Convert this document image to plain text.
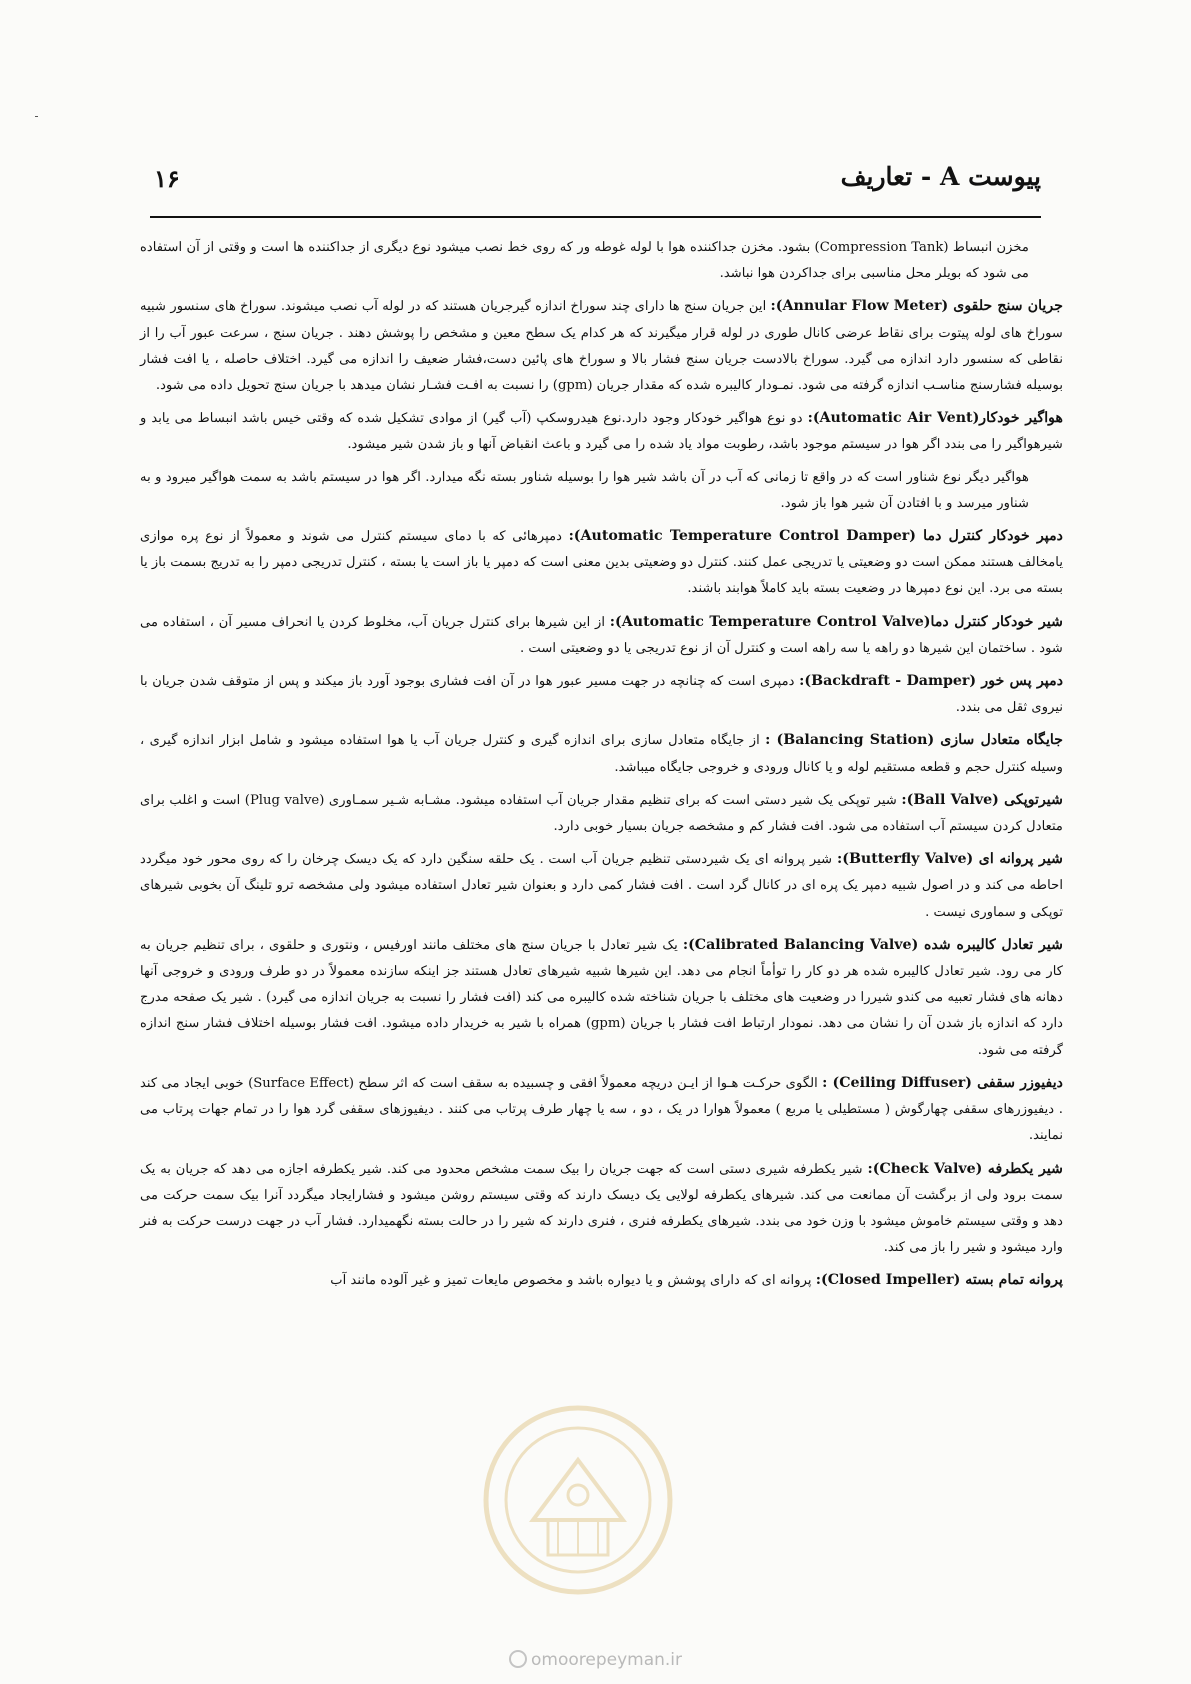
پیوست A - تعاریف
۱۶

مخزن انبساط (Compression Tank) بشود. مخزن جداکننده هوا با لوله غوطه ور که روی خط نصب میشود نوع دیگری از جداکننده ها است و وقتی از آن استفاده می شود که بویلر محل مناسبی برای جداکردن هوا نباشد.

جریان سنج حلقوی (Annular Flow Meter): این جریان سنج ها دارای چند سوراخ اندازه گیرجریان هستند که در لوله آب نصب میشوند. سوراخ های سنسور شبیه سوراخ های لوله پیتوت برای نقاط عرضی کانال طوری در لوله قرار میگیرند که هر کدام یک سطح معین و مشخص را پوشش دهند . جریان سنج ، سرعت عبور آب را از نقاطی که سنسور دارد اندازه می گیرد. سوراخ بالادست جریان سنج فشار بالا و سوراخ های پائین دست،فشار ضعیف را اندازه می گیرد. اختلاف حاصله ، یا افت فشار بوسیله فشارسنج مناسـب اندازه گرفته می شود. نمـودار کالیبره شده که مقدار جریان (gpm) را نسبت به افـت فشـار نشان میدهد با جریان سنج تحویل داده می شود.

هواگیر خودکار(Automatic Air Vent): دو نوع هواگیر خودکار وجود دارد.نوع هیدروسکپ (آب گیر) از موادی تشکیل شده که وقتی خیس باشد انبساط می یابد و شیرهواگیر را می بندد اگر هوا در سیستم موجود باشد، رطوبت مواد یاد شده را می گیرد و باعث انقباض آنها و باز شدن شیر میشود.

هواگیر دیگر نوع شناور است که در واقع تا زمانی که آب در آن باشد شیر هوا را بوسیله شناور بسته نگه میدارد. اگر هوا در سیستم باشد به سمت هواگیر میرود و به شناور میرسد و با افتادن آن شیر هوا باز شود.

دمپر خودکار کنترل دما (Automatic Temperature Control Damper): دمپرهائی که با دمای سیستم کنترل می شوند و معمولاً از نوع پره موازی یامخالف هستند ممکن است دو وضعیتی یا تدریجی عمل کنند. کنترل دو وضعیتی بدین معنی است که دمپر یا باز است یا بسته ، کنترل تدریجی دمپر را به تدریج بسمت باز یا بسته می برد. این نوع دمپرها در وضعیت بسته باید کاملاً هوابند باشند.

شیر خودکار کنترل دما(Automatic Temperature Control Valve): از این شیرها برای کنترل جریان آب، مخلوط کردن یا انحراف مسیر آن ، استفاده می شود . ساختمان این شیرها دو راهه یا سه راهه است و کنترل آن از نوع تدریجی یا دو وضعیتی است .

دمپر پس خور (Backdraft - Damper): دمپری است که چنانچه در جهت مسیر عبور هوا در آن افت فشاری بوجود آورد باز میکند و پس از متوقف شدن جریان با نیروی ثقل می بندد.

جایگاه متعادل سازی (Balancing Station) : از جایگاه متعادل سازی برای اندازه گیری و کنترل جریان آب یا هوا استفاده میشود و شامل ابزار اندازه گیری ، وسیله کنترل حجم و قطعه مستقیم لوله و یا کانال ورودی و خروجی جایگاه میباشد.

شیرتوپکی (Ball Valve): شیر توپکی یک شیر دستی است که برای تنظیم مقدار جریان آب استفاده میشود. مشـابه شـیر سمـاوری (Plug valve) است و اغلب برای متعادل کردن سیستم آب استفاده می شود. افت فشار کم و مشخصه جریان بسیار خوبی دارد.

شیر پروانه ای (Butterfly Valve): شیر پروانه ای یک شیردستی تنظیم جریان آب است . یک حلقه سنگین دارد که یک دیسک چرخان را که روی محور خود میگردد احاطه می کند و در اصول شبیه دمپر یک پره ای در کانال گرد است . افت فشار کمی دارد و بعنوان شیر تعادل استفاده میشود ولی مشخصه ترو تلینگ آن بخوبی شیرهای توپکی و سماوری نیست .

شیر تعادل کالیبره شده (Calibrated Balancing Valve): یک شیر تعادل با جریان سنج های مختلف مانند اورفیس ، ونتوری و حلقوی ، برای تنظیم جریان به کار می رود. شیر تعادل کالیبره شده هر دو کار را توأماً انجام می دهد. این شیرها شبیه شیرهای تعادل هستند جز اینکه سازنده معمولاً در دو طرف ورودی و خروجی آنها دهانه های فشار تعبیه می کندو شیررا در وضعیت های مختلف با جریان شناخته شده کالیبره می کند (افت فشار را نسبت به جریان اندازه می گیرد) . شیر یک صفحه مدرج دارد که اندازه باز شدن آن را نشان می دهد. نمودار ارتباط افت فشار با جریان (gpm) همراه با شیر به خریدار داده میشود. افت فشار بوسیله اختلاف فشار سنج اندازه گرفته می شود.

دیفیوزر سقفی (Ceiling Diffuser) : الگوی حرکـت هـوا از ایـن دریچه معمولاً افقی و چسبیده به سقف است که اثر سطح (Surface Effect) خوبی ایجاد می کند . دیفیوزرهای سقفی چهارگوش ( مستطیلی یا مربع ) معمولاً هوارا در یک ، دو ، سه یا چهار طرف پرتاب می کنند . دیفیوزهای سقفی گرد هوا را در تمام جهات پرتاب می نمایند.

شیر یکطرفه (Check Valve): شیر یکطرفه شیری دستی است که جهت جریان را بیک سمت مشخص محدود می کند. شیر یکطرفه اجازه می دهد که جریان به یک سمت برود ولی از برگشت آن ممانعت می کند. شیرهای یکطرفه لولایی یک دیسک دارند که وقتی سیستم روشن میشود و فشارایجاد میگردد آنرا بیک سمت حرکت می دهد و وقتی سیستم خاموش میشود با وزن خود می بندد. شیرهای یکطرفه فنری ، فنری دارند که شیر را در حالت بسته نگهمیدارد. فشار آب در جهت درست حرکت به فنر وارد میشود و شیر را باز می کند.

پروانه تمام بسته (Closed Impeller): پروانه ای که دارای پوشش و یا دیواره باشد و مخصوص مایعات تمیز و غیر آلوده مانند آب

omoorepeyman.ir
